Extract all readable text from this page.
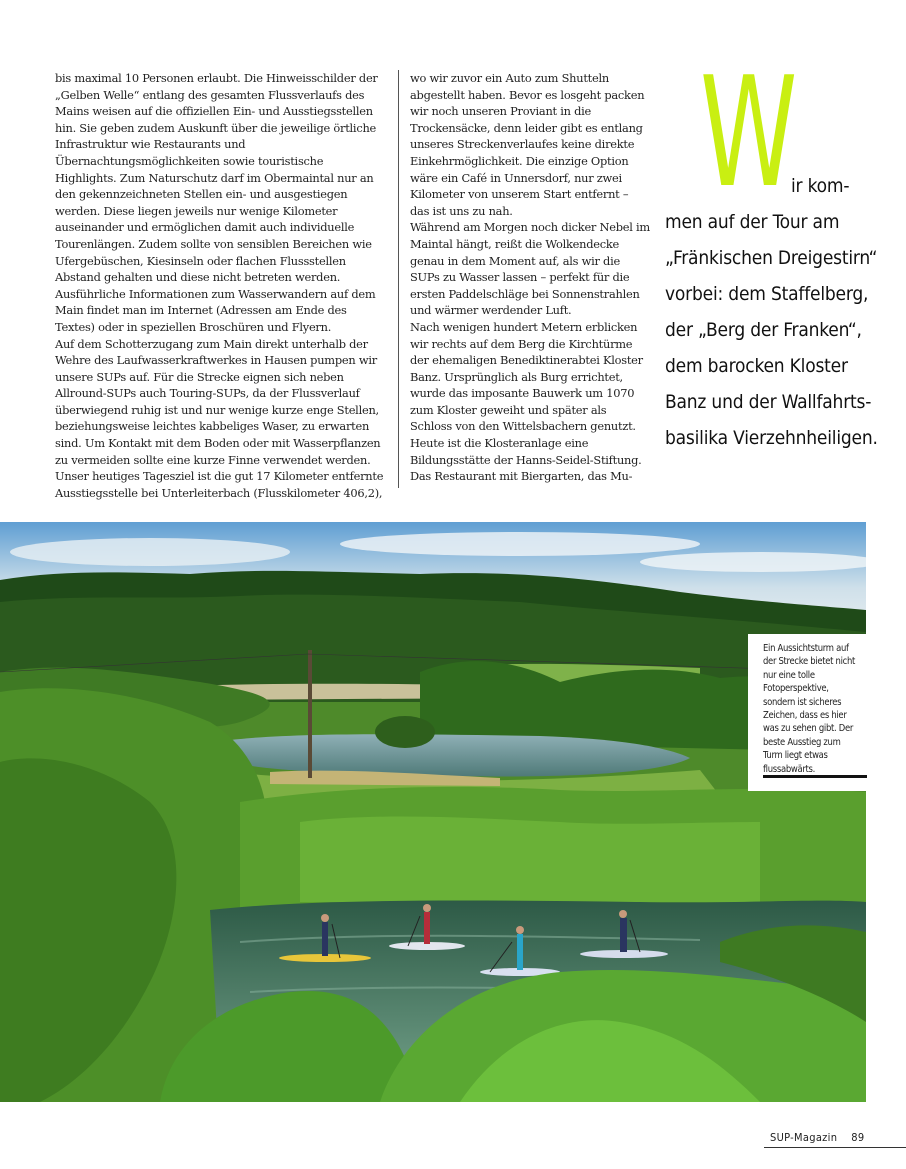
bis maximal 10 Personen erlaubt. Die Hinweisschilder der „Gelben Welle“ entlang des gesamten Flussverlaufs des Mains weisen auf die offiziellen Ein- und Ausstiegsstellen hin. Sie geben zudem Auskunft über die jeweilige örtliche Infrastruktur wie Restaurants und Übernachtungsmöglichkeiten sowie touristische Highlights. Zum Naturschutz darf im Obermaintal nur an den gekennzeichneten Stellen ein- und ausgestiegen werden. Diese liegen jeweils nur wenige Kilometer auseinander und ermöglichen damit auch individuelle Tourenlängen. Zudem sollte von sensiblen Bereichen wie Ufergebüschen, Kiesinseln oder flachen Flussstellen Abstand gehalten und diese nicht betreten werden. Ausführliche Informationen zum Wasserwandern auf dem Main findet man im Internet (Adressen am Ende des Textes) oder in speziellen Broschüren und Flyern.

Auf dem Schotterzugang zum Main direkt unterhalb der Wehre des Laufwasserkraftwerkes in Hausen pumpen wir unsere SUPs auf. Für die Strecke eignen sich neben Allround-SUPs auch Touring-SUPs, da der Flussverlauf überwiegend ruhig ist und nur wenige kurze enge Stellen, beziehungsweise leichtes kabbeliges Waser, zu erwarten sind. Um Kontakt mit dem Boden oder mit Wasserpflanzen zu vermeiden sollte eine kurze Finne verwendet werden.

Unser heutiges Tagesziel ist die gut 17 Kilometer entfernte Ausstiegsstelle bei Unterleiterbach (Flusskilometer 406,2),

wo wir zuvor ein Auto zum Shutteln abgestellt haben. Bevor es losgeht packen wir noch unseren Proviant in die Trockensäcke, denn leider gibt es entlang unseres Streckenverlaufes keine direkte Einkehrmöglichkeit. Die einzige Option wäre ein Café in Unnersdorf, nur zwei Kilometer von unserem Start entfernt – das ist uns zu nah.

Während am Morgen noch dicker Nebel im Maintal hängt, reißt die Wolkendecke genau in dem Moment auf, als wir die SUPs zu Wasser lassen – perfekt für die ersten Paddelschläge bei Sonnenstrahlen und wärmer werdender Luft.

Nach wenigen hundert Metern erblicken wir rechts auf dem Berg die Kirchtürme der ehemaligen Benediktinerabtei Kloster Banz. Ursprünglich als Burg errichtet, wurde das imposante Bauwerk um 1070 zum Kloster geweiht und später als Schloss von den Wittelsbachern genutzt. Heute ist die Klosteranlage eine Bildungsstätte der Hanns-Seidel-Stiftung. Das Restaurant mit Biergarten, das Mu-

W
ir kom-
men auf der Tour am
„Fränkischen Dreigestirn“
vorbei: dem Staffelberg,
der „Berg der Franken“,
dem barocken Kloster
Banz und der Wallfahrts-
basilika Vierzehnheiligen.
Ein Aussichtsturm auf der Strecke bietet nicht nur eine tolle Fotoperspektive, sondern ist sicheres Zeichen, dass es hier was zu sehen gibt. Der beste Ausstieg zum Turm liegt etwas flussabwärts.
SUP-Magazin 89
